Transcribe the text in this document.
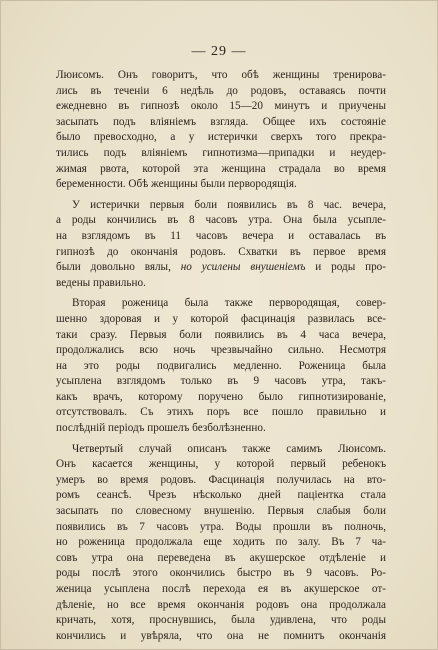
— 29 —
Люисомъ. Онъ говоритъ, что обѣ женщины тренирова-
лись въ теченіи 6 недѣль до родовъ, оставаясь почти
ежедневно въ гипнозѣ около 15—20 минутъ и приучены
засыпать подъ вліяніемъ взгляда. Общее ихъ состояніе
было превосходно, а у истерички сверхъ того прекра-
тились подъ вліяніемъ гипнотизма—припадки и неудер-
жимая рвота, которой эта женщина страдала во время
беременности. Обѣ женщины были первородящія.
У истерички первыя боли появились въ 8 час. вечера,
а роды кончились въ 8 часовъ утра. Она была усыпле-
на взглядомъ въ 11 часовъ вечера и оставалась въ
гипнозѣ до окончанія родовъ. Схватки въ первое время
были довольно вялы, но усилены внушеніемъ и роды про-
ведены правильно.
Вторая роженица была также первородящая, совер-
шенно здоровая и у которой фасцинація развилась все-
таки сразу. Первыя боли появились въ 4 часа вечера,
продолжались всю ночь чрезвычайно сильно. Несмотря
на это роды подвигались медленно. Роженица была
усыплена взглядомъ только въ 9 часовъ утра, такъ-
какъ врачъ, которому поручено было гипнотизированіе,
отсутствовалъ. Съ этихъ поръ все пошло правильно и
послѣдній періодъ прошелъ безболѣзненно.
Четвертый случай описанъ также самимъ Люисомъ.
Онъ касается женщины, у которой первый ребенокъ
умеръ во время родовъ. Фасцинація получилась на вто-
ромъ сеансѣ. Чрезъ нѣсколько дней паціентка стала
засыпать по словесному внушенію. Первыя слабыя боли
появились въ 7 часовъ утра. Воды прошли въ полночь,
но роженица продолжала еще ходить по залу. Въ 7 ча-
совъ утра она переведена въ акушерское отдѣленіе и
роды послѣ этого окончились быстро въ 9 часовъ. Ро-
женица усыплена послѣ перехода ея въ акушерское от-
дѣленіе, но все время окончанія родовъ она продолжала
кричать, хотя, проснувшись, была удивлена, что роды
кончились и увѣряла, что она не помнитъ окончанія
